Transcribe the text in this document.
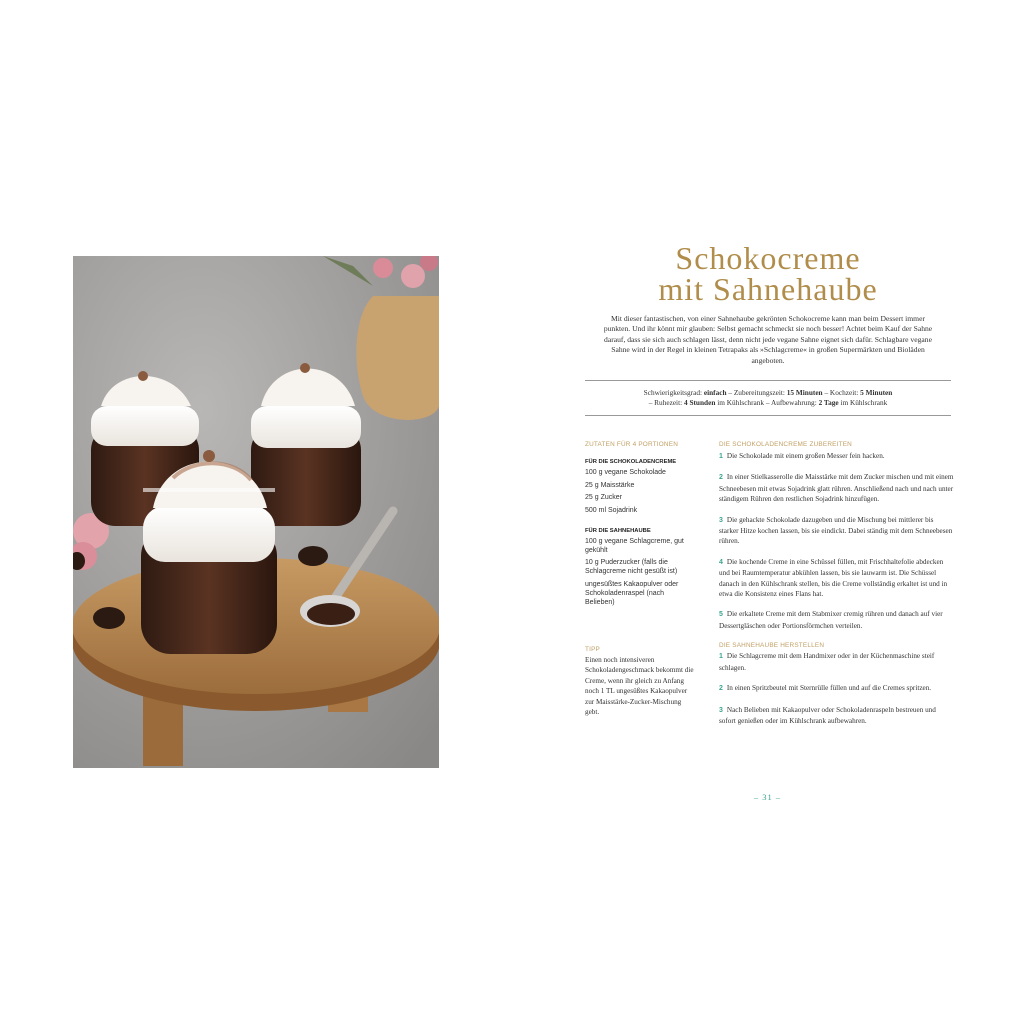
Schokocreme
mit Sahnehaube
Mit dieser fantastischen, von einer Sahnehaube gekrönten Schokocreme kann man beim Dessert immer punkten. Und ihr könnt mir glauben: Selbst gemacht schmeckt sie noch besser! Achtet beim Kauf der Sahne darauf, dass sie sich auch schlagen lässt, denn nicht jede vegane Sahne eignet sich dafür. Schlagbare vegane Sahne wird in der Regel in kleinen Tetrapaks als »Schlagcreme« in großen Supermärkten und Bioläden angeboten.
Schwierigkeitsgrad: einfach – Zubereitungszeit: 15 Minuten – Kochzeit: 5 Minuten
– Ruhezeit: 4 Stunden im Kühlschrank – Aufbewahrung: 2 Tage im Kühlschrank

ZUTATEN FÜR 4 PORTIONEN

FÜR DIE SCHOKOLADENCREME

100 g vegane Schokolade

25 g Maisstärke

25 g Zucker

500 ml Sojadrink

FÜR DIE SAHNEHAUBE

100 g vegane Schlagcreme, gut gekühlt

10 g Puderzucker (falls die Schlagcreme nicht gesüßt ist)

ungesüßtes Kakaopulver oder Schokoladenraspel (nach Belieben)

TIPP

Einen noch intensiveren Schokoladengeschmack bekommt die Creme, wenn ihr gleich zu Anfang noch 1 TL ungesüßtes Kakaopulver zur Maisstärke-Zucker-Mischung gebt.

DIE SCHOKOLADENCREME ZUBEREITEN

1 Die Schokolade mit einem großen Messer fein hacken.

2 In einer Stielkasserolle die Maisstärke mit dem Zucker mischen und mit einem Schneebesen mit etwas Sojadrink glatt rühren. Anschließend nach und nach unter ständigem Rühren den restlichen Sojadrink hinzufügen.

3 Die gehackte Schokolade dazugeben und die Mischung bei mittlerer bis starker Hitze kochen lassen, bis sie eindickt. Dabei ständig mit dem Schneebesen rühren.

4 Die kochende Creme in eine Schüssel füllen, mit Frischhaltefolie abdecken und bei Raumtemperatur abkühlen lassen, bis sie lauwarm ist. Die Schüssel danach in den Kühlschrank stellen, bis die Creme vollständig erkaltet ist und in etwa die Konsistenz eines Flans hat.

5 Die erkaltete Creme mit dem Stabmixer cremig rühren und danach auf vier Dessertgläschen oder Portionsförmchen verteilen.

DIE SAHNEHAUBE HERSTELLEN

1 Die Schlagcreme mit dem Handmixer oder in der Küchenmaschine steif schlagen.

2 In einen Spritzbeutel mit Sternrülle füllen und auf die Cremes spritzen.

3 Nach Belieben mit Kakaopulver oder Schokoladenraspeln bestreuen und sofort genießen oder im Kühlschrank aufbewahren.

– 31 –
